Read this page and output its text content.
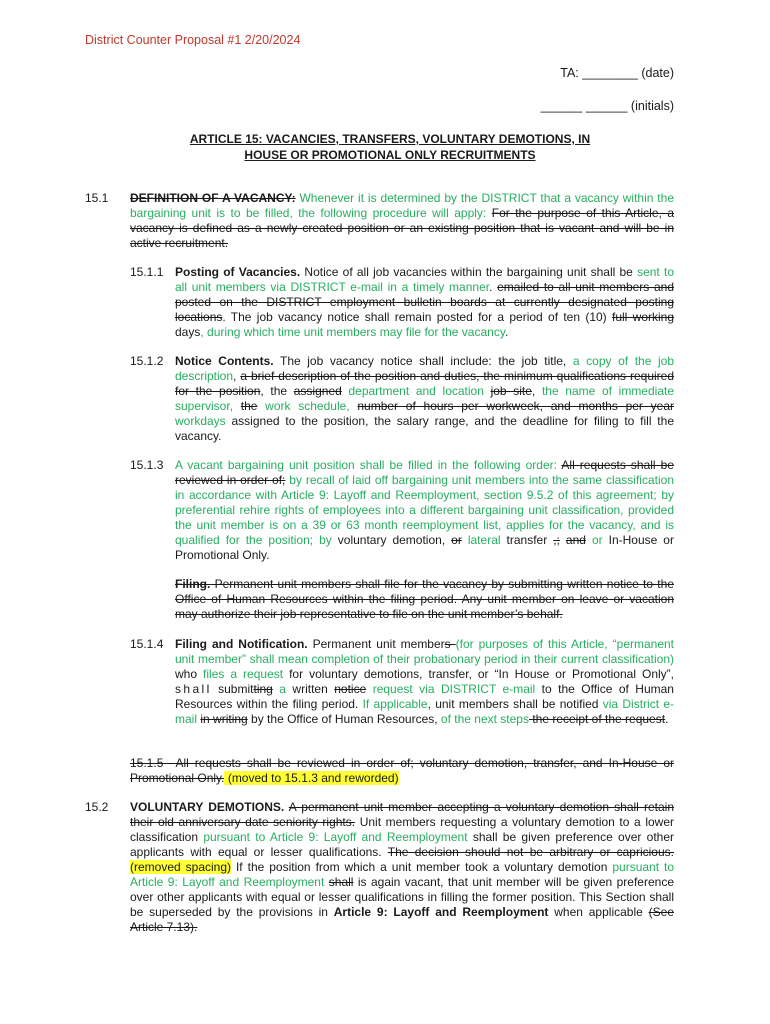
District Counter Proposal #1 2/20/2024
TA: ________ (date)
______ ______ (initials)
ARTICLE 15: VACANCIES, TRANSFERS, VOLUNTARY DEMOTIONS, IN
HOUSE OR PROMOTIONAL ONLY RECRUITMENTS
15.1 DEFINITION OF A VACANCY: Whenever it is determined by the DISTRICT that a vacancy within the bargaining unit is to be filled, the following procedure will apply: For the purpose of this Article, a vacancy is defined as a newly created position or an existing position that is vacant and will be in active recruitment.
15.1.1 Posting of Vacancies. Notice of all job vacancies within the bargaining unit shall be sent to all unit members via DISTRICT e-mail in a timely manner. emailed to all unit members and posted on the DISTRICT employment bulletin boards at currently designated posting locations. The job vacancy notice shall remain posted for a period of ten (10) full working days, during which time unit members may file for the vacancy.
15.1.2 Notice Contents. The job vacancy notice shall include: the job title, a copy of the job description, a brief description of the position and duties, the minimum qualifications required for the position, the assigned department and location job site, the name of immediate supervisor, the work schedule, number of hours per workweek, and months per year workdays assigned to the position, the salary range, and the deadline for filing to fill the vacancy.
15.1.3 A vacant bargaining unit position shall be filled in the following order: All requests shall be reviewed in order of; by recall of laid off bargaining unit members into the same classification in accordance with Article 9: Layoff and Reemployment, section 9.5.2 of this agreement; by preferential rehire rights of employees into a different bargaining unit classification, provided the unit member is on a 39 or 63 month reemployment list, applies for the vacancy, and is qualified for the position; by voluntary demotion, or lateral transfer ,; and or In-House or Promotional Only.
Filing. Permanent unit members shall file for the vacancy by submitting written notice to the Office of Human Resources within the filing period. Any unit member on leave or vacation may authorize their job representative to file on the unit member’s behalf.
15.1.4 Filing and Notification. Permanent unit members (for purposes of this Article, “permanent unit member” shall mean completion of their probationary period in their current classification) who files a request for voluntary demotions, transfer, or “In House or Promotional Only”, shall submitting a written notice request via DISTRICT e-mail to the Office of Human Resources within the filing period. If applicable, unit members shall be notified via District e-mail in writing by the Office of Human Resources, of the next steps the receipt of the request.
15.1.5 All requests shall be reviewed in order of; voluntary demotion, transfer, and In-House or Promotional Only. (moved to 15.1.3 and reworded)
15.2 VOLUNTARY DEMOTIONS. A permanent unit member accepting a voluntary demotion shall retain their old anniversary date seniority rights. Unit members requesting a voluntary demotion to a lower classification pursuant to Article 9: Layoff and Reemployment shall be given preference over other applicants with equal or lesser qualifications. The decision should not be arbitrary or capricious. (removed spacing) If the position from which a unit member took a voluntary demotion pursuant to Article 9: Layoff and Reemployment shall is again vacant, that unit member will be given preference over other applicants with equal or lesser qualifications in filling the former position. This Section shall be superseded by the provisions in Article 9: Layoff and Reemployment when applicable (See Article 7.13).
